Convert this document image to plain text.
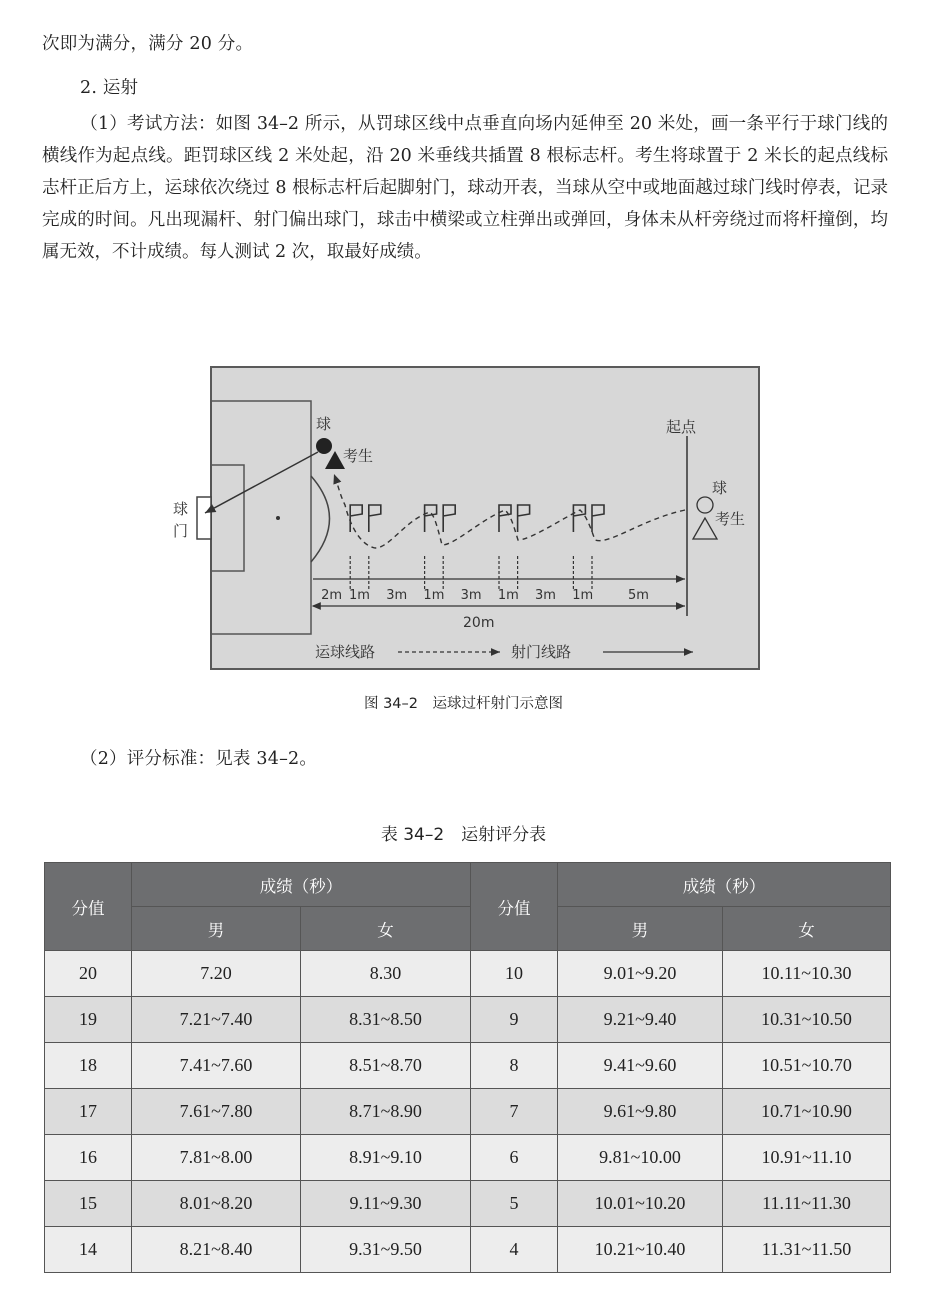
次即为满分，满分 20 分。
2. 运射
（1）考试方法：如图 34–2 所示，从罚球区线中点垂直向场内延伸至 20 米处，画一条平行于球门线的横线作为起点线。距罚球区线 2 米处起，沿 20 米垂线共插置 8 根标志杆。考生将球置于 2 米长的起点线标志杆正后方上，运球依次绕过 8 根标志杆后起脚射门，球动开表，当球从空中或地面越过球门线时停表，记录完成的时间。凡出现漏杆、射门偏出球门，球击中横梁或立柱弹出或弹回，身体未从杆旁绕过而将杆撞倒，均属无效，不计成绩。每人测试 2 次，取最好成绩。
球
考生
球
门
起点
球
考生
2m 1m 3m 1m 3m 1m 3m 1m	5m
20m
运球线路	射门线路
图 34–2　运球过杆射门示意图
（2）评分标准：见表 34–2。
表 34–2　运射评分表
分值	成绩（秒）		分值	成绩（秒）	
	男	女		男	女
20	7.20	8.30	10	9.01~9.20	10.11~10.30
19	7.21~7.40	8.31~8.50	9	9.21~9.40	10.31~10.50
18	7.41~7.60	8.51~8.70	8	9.41~9.60	10.51~10.70
17	7.61~7.80	8.71~8.90	7	9.61~9.80	10.71~10.90
16	7.81~8.00	8.91~9.10	6	9.81~10.00	10.91~11.10
15	8.01~8.20	9.11~9.30	5	10.01~10.20	11.11~11.30
14	8.21~8.40	9.31~9.50	4	10.21~10.40	11.31~11.50
